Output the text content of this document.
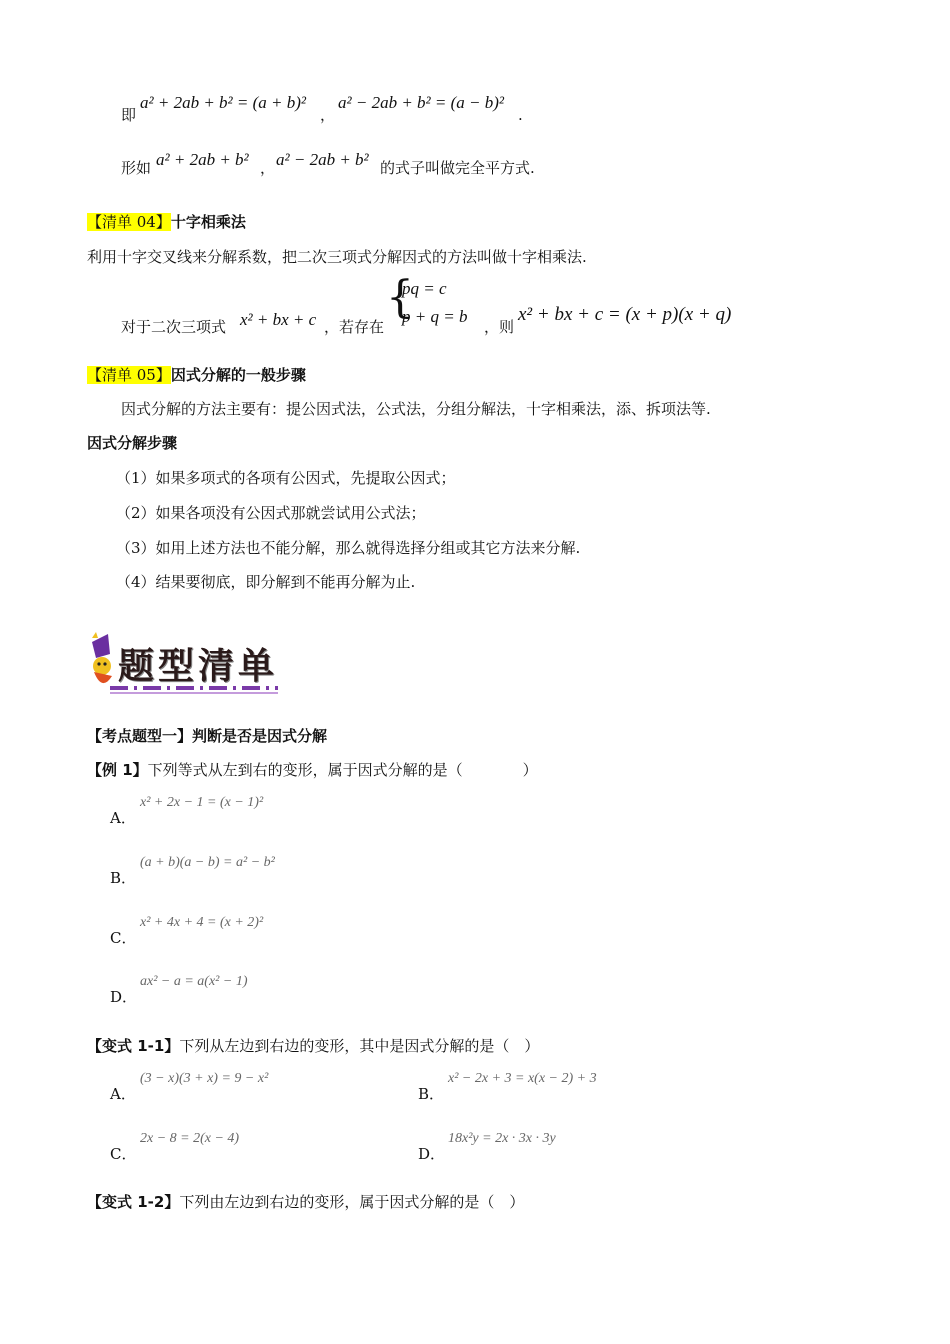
即
a² + 2ab + b² = (a + b)²
，
a² − 2ab + b² = (a − b)²
.
形如 a² + 2ab + b² ， a² − 2ab + b² 的式子叫做完全平方式.
【清单 04】十字相乘法
利用十字交叉线来分解系数，把二次三项式分解因式的方法叫做十字相乘法.
对于二次三项式 x² + bx + c ，若存在
{
pq = c
p + q = b
，则
x² + bx + c = (x + p)(x + q)
【清单 05】因式分解的一般步骤
因式分解的方法主要有：提公因式法，公式法，分组分解法，十字相乘法，添、拆项法等.
因式分解步骤
（1）如果多项式的各项有公因式，先提取公因式；
（2）如果各项没有公因式那就尝试用公式法；
（3）如用上述方法也不能分解，那么就得选择分组或其它方法来分解.
（4）结果要彻底，即分解到不能再分解为止.
题型清单
【考点题型一】判断是否是因式分解
【例 1】下列等式从左到右的变形，属于因式分解的是（　　　　）
A．
x² + 2x − 1 = (x − 1)²
B．
(a + b)(a − b) = a² − b²
C．
x² + 4x + 4 = (x + 2)²
D．
ax² − a = a(x² − 1)
【变式 1-1】下列从左边到右边的变形，其中是因式分解的是（　）
A．
(3 − x)(3 + x) = 9 − x²
B．
x² − 2x + 3 = x(x − 2) + 3
C．
2x − 8 = 2(x − 4)
D．
18x²y = 2x · 3x · 3y
【变式 1-2】下列由左边到右边的变形，属于因式分解的是（　）
